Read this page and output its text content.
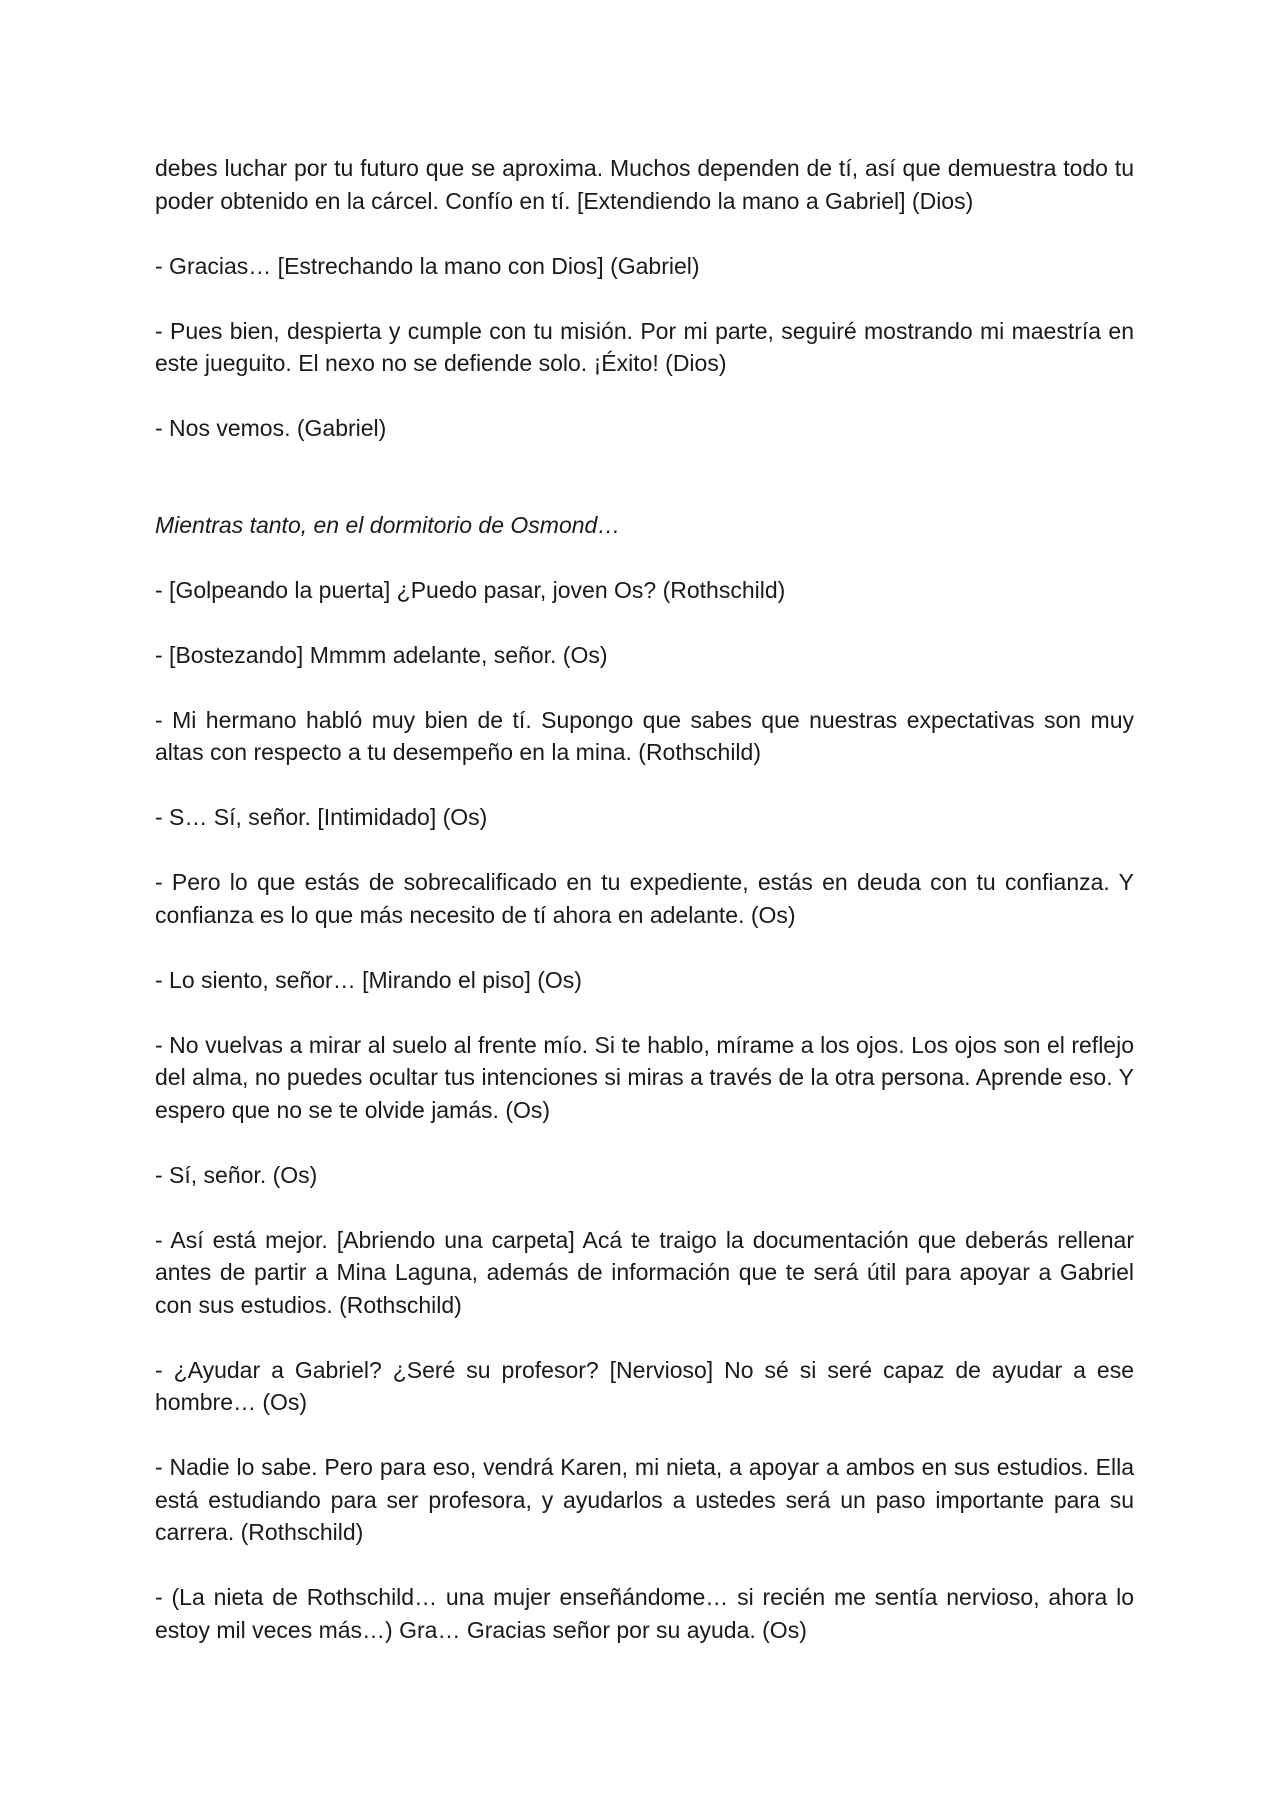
debes luchar por tu futuro que se aproxima. Muchos dependen de tí, así que demuestra todo tu poder obtenido en la cárcel. Confío en tí. [Extendiendo la mano a Gabriel] (Dios)

- Gracias… [Estrechando la mano con Dios] (Gabriel)

- Pues bien, despierta y cumple con tu misión. Por mi parte, seguiré mostrando mi maestría en este jueguito. El nexo no se defiende solo. ¡Éxito! (Dios)

- Nos vemos. (Gabriel)

Mientras tanto, en el dormitorio de Osmond…

- [Golpeando la puerta] ¿Puedo pasar, joven Os? (Rothschild)

- [Bostezando] Mmmm adelante, señor. (Os)

- Mi hermano habló muy bien de tí. Supongo que sabes que nuestras expectativas son muy altas con respecto a tu desempeño en la mina. (Rothschild)

- S… Sí, señor. [Intimidado] (Os)

- Pero lo que estás de sobrecalificado en tu expediente, estás en deuda con tu confianza. Y confianza es lo que más necesito de tí ahora en adelante. (Os)

- Lo siento, señor… [Mirando el piso] (Os)

- No vuelvas a mirar al suelo al frente mío. Si te hablo, mírame a los ojos. Los ojos son el reflejo del alma, no puedes ocultar tus intenciones si miras a través de la otra persona. Aprende eso. Y espero que no se te olvide jamás. (Os)

- Sí, señor. (Os)

- Así está mejor. [Abriendo una carpeta] Acá te traigo la documentación que deberás rellenar antes de partir a Mina Laguna, además de información que te será útil para apoyar a Gabriel con sus estudios. (Rothschild)

- ¿Ayudar a Gabriel? ¿Seré su profesor? [Nervioso] No sé si seré capaz de ayudar a ese hombre… (Os)

- Nadie lo sabe. Pero para eso, vendrá Karen, mi nieta, a apoyar a ambos en sus estudios. Ella está estudiando para ser profesora, y ayudarlos a ustedes será un paso importante para su carrera. (Rothschild)

- (La nieta de Rothschild… una mujer enseñándome… si recién me sentía nervioso, ahora lo estoy mil veces más…) Gra… Gracias señor por su ayuda. (Os)
